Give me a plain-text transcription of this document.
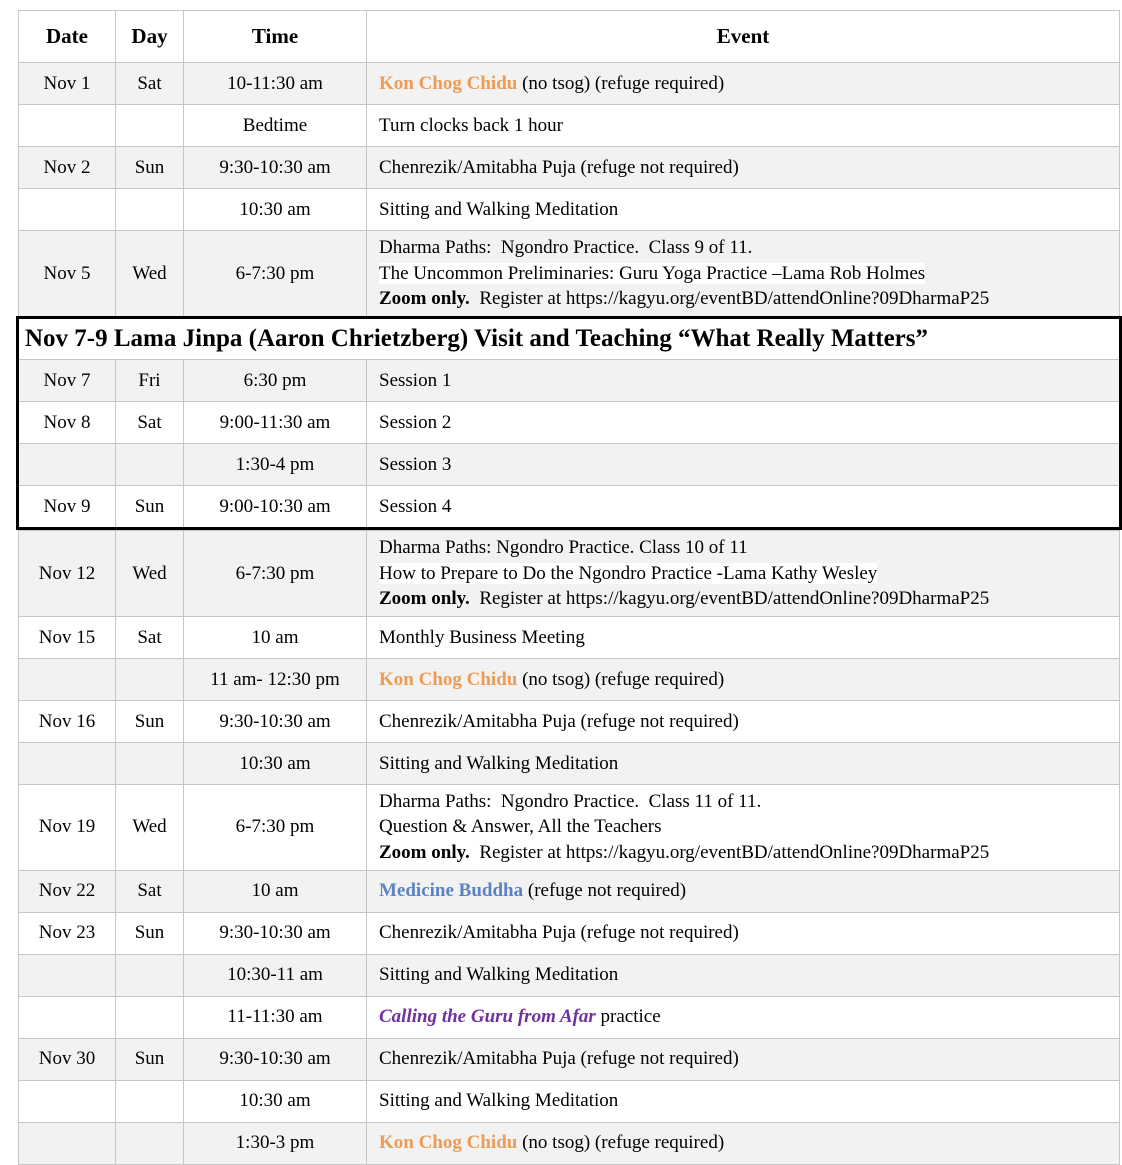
Date	Day	Time	Event
Nov 1	Sat	10-11:30 am	Kon Chog Chidu (no tsog) (refuge required)
Bedtime	Turn clocks back 1 hour
Nov 2	Sun	9:30-10:30 am	Chenrezik/Amitabha Puja (refuge not required)
10:30 am	Sitting and Walking Meditation
Nov 5	Wed	6-7:30 pm
Dharma Paths:  Ngondro Practice.  Class 9 of 11.
The Uncommon Preliminaries: Guru Yoga Practice –Lama Rob Holmes
Zoom only.  Register at https://kagyu.org/eventBD/attendOnline?09DharmaP25
Nov 7-9 Lama Jinpa (Aaron Chrietzberg) Visit and Teaching “What Really Matters”
Nov 7	Fri	6:30 pm	Session 1
Nov 8	Sat	9:00-11:30 am	Session 2
1:30-4 pm	Session 3
Nov 9	Sun	9:00-10:30 am	Session 4
Nov 12	Wed	6-7:30 pm
Dharma Paths: Ngondro Practice. Class 10 of 11
How to Prepare to Do the Ngondro Practice -Lama Kathy Wesley
Zoom only.  Register at https://kagyu.org/eventBD/attendOnline?09DharmaP25
Nov 15	Sat	10 am	Monthly Business Meeting
11 am- 12:30 pm	Kon Chog Chidu (no tsog) (refuge required)
Nov 16	Sun	9:30-10:30 am	Chenrezik/Amitabha Puja (refuge not required)
10:30 am	Sitting and Walking Meditation
Nov 19	Wed	6-7:30 pm
Dharma Paths:  Ngondro Practice.  Class 11 of 11.
Question & Answer, All the Teachers
Zoom only.  Register at https://kagyu.org/eventBD/attendOnline?09DharmaP25
Nov 22	Sat	10 am	Medicine Buddha (refuge not required)
Nov 23	Sun	9:30-10:30 am	Chenrezik/Amitabha Puja (refuge not required)
10:30-11 am	Sitting and Walking Meditation
11-11:30 am	Calling the Guru from Afar practice
Nov 30	Sun	9:30-10:30 am	Chenrezik/Amitabha Puja (refuge not required)
10:30 am	Sitting and Walking Meditation
1:30-3 pm	Kon Chog Chidu (no tsog) (refuge required)
